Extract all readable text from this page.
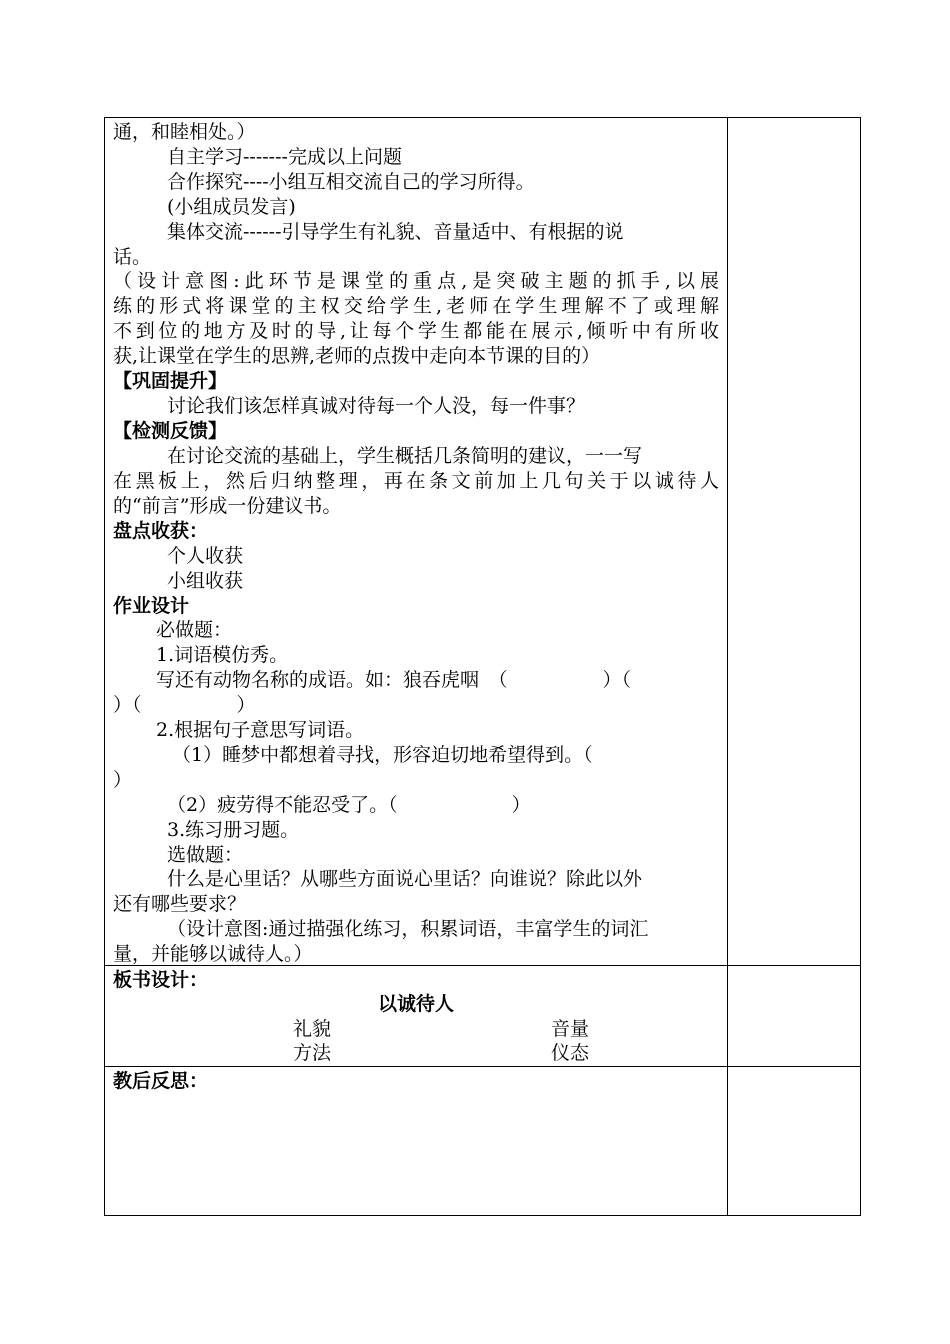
通，和睦相处。）
自主学习-------完成以上问题
合作探究----小组互相交流自己的学习所得。
(小组成员发言)
集体交流------引导学生有礼貌、音量适中、有根据的说
话。
（设计意图:此环节是课堂的重点,是突破主题的抓手,以展
练的形式将课堂的主权交给学生,老师在学生理解不了或理解
不到位的地方及时的导,让每个学生都能在展示,倾听中有所收
获,让课堂在学生的思辨,老师的点拨中走向本节课的目的）
【巩固提升】
讨论我们该怎样真诚对待每一个人没，每一件事？
【检测反馈】
在讨论交流的基础上，学生概括几条简明的建议，一一写
在黑板上，然后归纳整理，再在条文前加上几句关于以诚待人
的“前言”形成一份建议书。
盘点收获：
个人收获
小组收获
作业设计
必做题：
1.词语模仿秀。
写还有动物名称的成语。如：狼吞虎咽　（　　　　　）（
）（　　　　　）
2.根据句子意思写词语。
（1）睡梦中都想着寻找，形容迫切地希望得到。（
）
（2）疲劳得不能忍受了。（　　　　　　）
3.练习册习题。
选做题：
什么是心里话？从哪些方面说心里话？向谁说？除此以外
还有哪些要求？
（设计意图:通过描强化练习，积累词语，丰富学生的词汇
量，并能够以诚待人。）
板书设计：
以诚待人
礼貌	音量
方法	仪态
教后反思：
